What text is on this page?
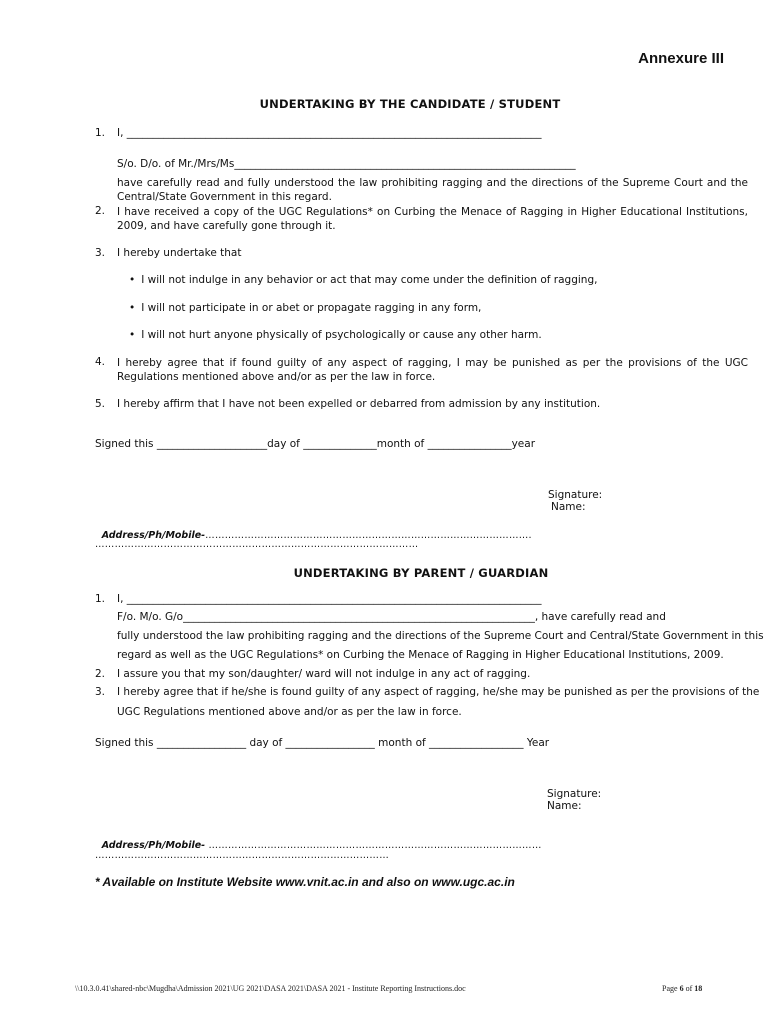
Annexure III
UNDERTAKING BY THE CANDIDATE / STUDENT
1.	I, _______________________________________________________________________________
S/o. D/o. of Mr./Mrs/Ms_________________________________________________________________
have carefully read and fully understood the law prohibiting ragging and the directions of the Supreme Court and the Central/State Government in this regard.
2.	I have received a copy of the UGC Regulations* on Curbing the Menace of Ragging in Higher Educational Institutions, 2009, and have carefully gone through it.
3.	I hereby undertake that
• I will not indulge in any behavior or act that may come under the definition of ragging,
• I will not participate in or abet or propagate ragging in any form,
• I will not hurt anyone physically of psychologically or cause any other harm.
4.	I hereby agree that if found guilty of any aspect of ragging, I may be punished as per the provisions of the UGC Regulations mentioned above and/or as per the law in force.
5.	I hereby affirm that I have not been expelled or debarred from admission by any institution.
Signed this _____________________day of ______________month of ________________year
Signature:
Name:

Address/Ph/Mobile-……………………………………………………………………………………….

………………………………………………………………………………………
UNDERTAKING BY PARENT / GUARDIAN
1.	I, _______________________________________________________________________________
F/o. M/o. G/o___________________________________________________________________, have carefully read and
fully understood the law prohibiting ragging and the directions of the Supreme Court and Central/State Government in this
regard as well as the UGC Regulations* on Curbing the Menace of Ragging in Higher Educational Institutions, 2009.
2.	I assure you that my son/daughter/ ward will not indulge in any act of ragging.
3.	I hereby agree that if he/she is found guilty of any aspect of ragging, he/she may be punished as per the provisions of the
UGC Regulations mentioned above and/or as per the law in force.
Signed this _________________ day of _________________ month of __________________ Year
Signature:
Name:

Address/Ph/Mobile- …………………………………………………………………………………………

………………………………………………………………………………
* Available on Institute Website www.vnit.ac.in and also on www.ugc.ac.in
\\10.3.0.41\shared-nbc\Mugdha\Admission 2021\UG 2021\DASA 2021\DASA 2021 - Institute Reporting Instructions.doc	Page 6 of 18
